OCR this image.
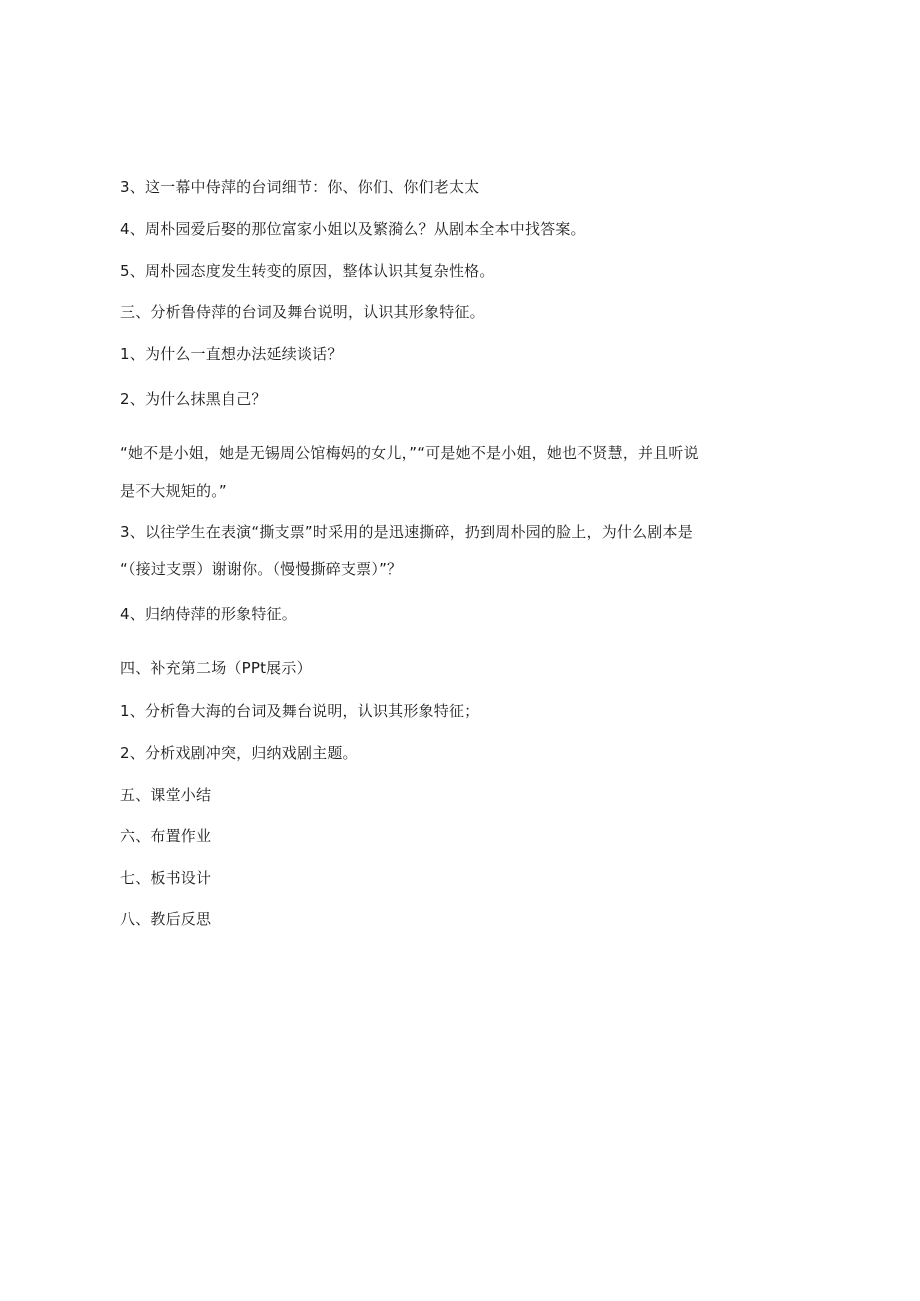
3、这一幕中侍萍的台词细节：你、你们、你们老太太
4、周朴园爱后娶的那位富家小姐以及繁漪么？从剧本全本中找答案。
5、周朴园态度发生转变的原因，整体认识其复杂性格。
三、分析鲁侍萍的台词及舞台说明，认识其形象特征。
1、为什么一直想办法延续谈话？
2、为什么抹黑自己？
“她不是小姐，她是无锡周公馆梅妈的女儿，”“可是她不是小姐，她也不贤慧，并且听说
是不大规矩的。”
3、以往学生在表演“撕支票”时采用的是迅速撕碎，扔到周朴园的脸上，为什么剧本是
“（接过支票）谢谢你。（慢慢撕碎支票）”？
4、归纳侍萍的形象特征。
四、补充第二场（PPt展示）
1、分析鲁大海的台词及舞台说明，认识其形象特征；
2、分析戏剧冲突，归纳戏剧主题。
五、课堂小结
六、布置作业
七、板书设计
八、教后反思
